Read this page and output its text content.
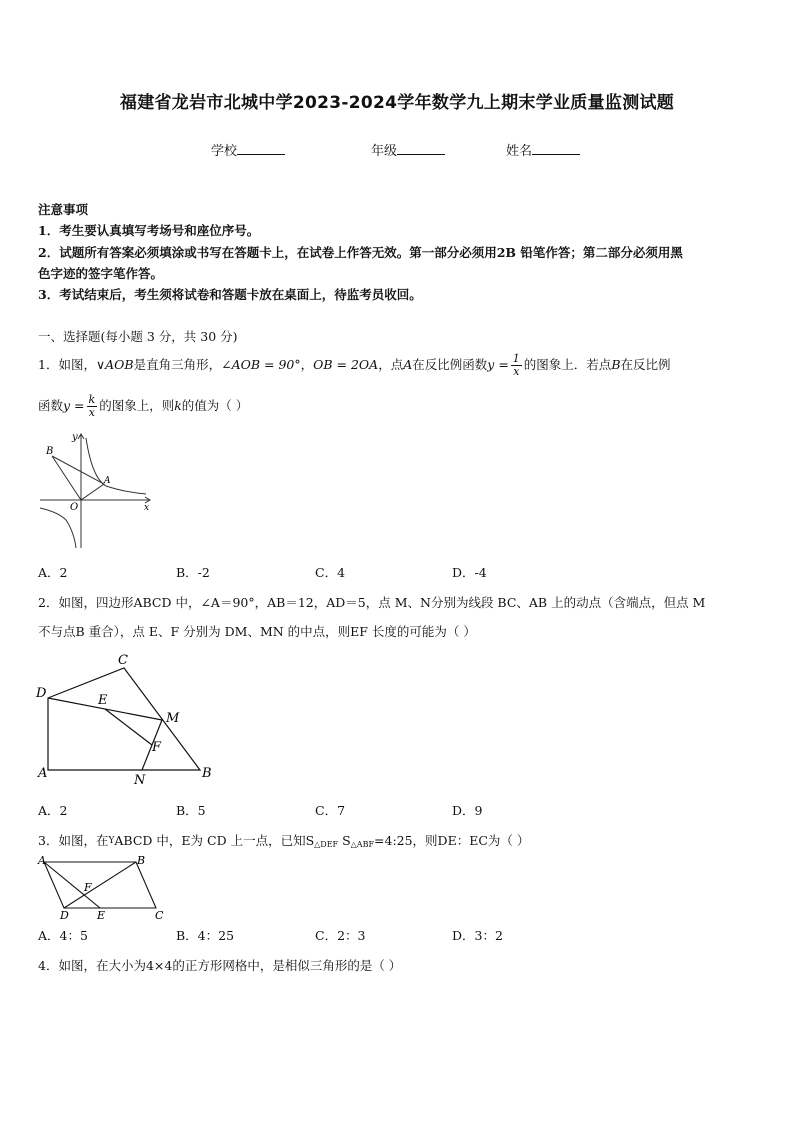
福建省龙岩市北城中学2023-2024学年数学九上期末学业质量监测试题
学校	年级	姓名
注意事项
1．考生要认真填写考场号和座位序号。
2．试题所有答案必须填涂或书写在答题卡上，在试卷上作答无效。第一部分必须用2B 铅笔作答；第二部分必须用黑
色字迹的签字笔作答。
3．考试结束后，考生须将试卷和答题卡放在桌面上，待监考员收回。
一、选择题(每小题 3 分，共 30 分)
1．如图，∨AOB是直角三角形，∠AOB = 90°，OB = 2OA，点A在反比例函数$y = \frac{1}{x}$ 的图象上．若点B在反比例
函数$y = \frac{k}{x}$ 的图象上，则k的值为（ ）
B
y
A
O	x
A．2	B．-2	C．4	D．-4
2．如图，四边形ABCD 中，∠A＝90°，AB＝12，AD＝5，点 M、N分别为线段 BC、AB 上的动点（含端点，但点 M
不与点B 重合），点 E、F 分别为 DM、MN 的中点，则EF 长度的可能为（ ）
C
D	E
M
F
A	N	B
A．2	B．5	C．7	D．9
3．如图，在YABCD 中，E为 CD 上一点，已知$S_{\triangle DEF}$ $S_{\triangle ABF}=4:25$，则DE：EC为（ ）
A	B
F
D	E	C
A．4：5	B．4：25	C．2：3	D．3：2
4．如图，在大小为4×4的正方形网格中，是相似三角形的是（ ）
